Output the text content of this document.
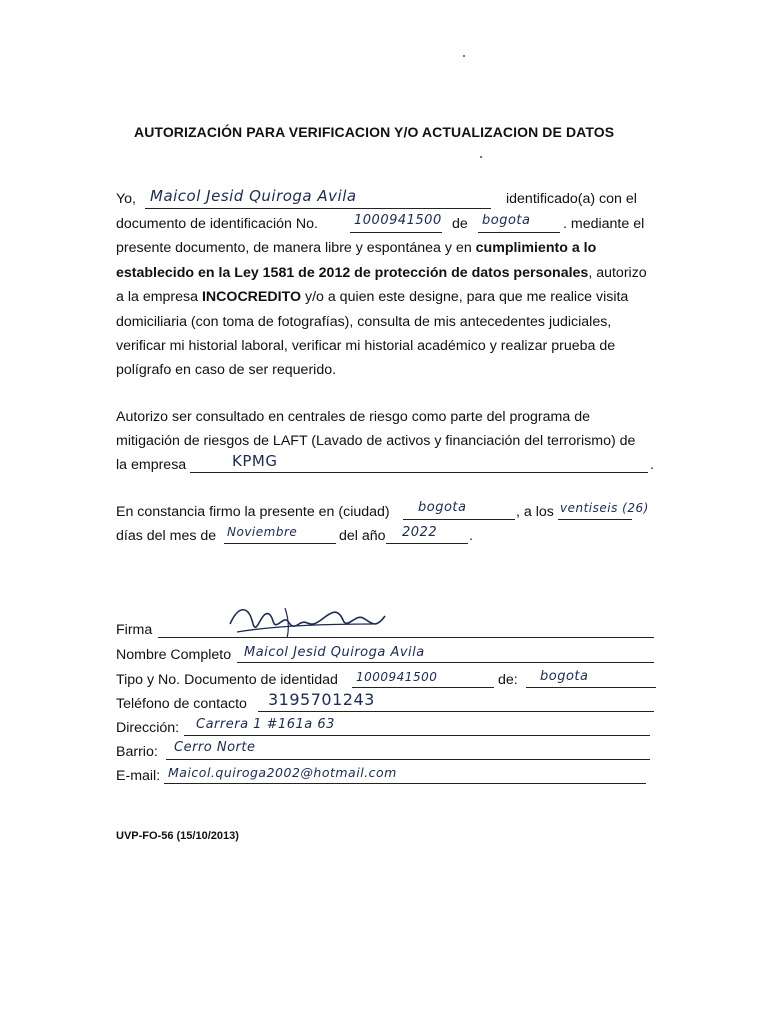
AUTORIZACIÓN PARA VERIFICACION Y/O ACTUALIZACION DE DATOS
Yo, Maicol Jesid Quiroga Avila	identificado(a) con el
documento de identificación No.	1000941500 de bogota . mediante el
presente documento, de manera libre y espontánea y en cumplimiento a lo
establecido en la Ley 1581 de 2012 de protección de datos personales, autorizo
a la empresa INCOCREDITO y/o a quien este designe, para que me realice visita
domiciliaria (con toma de fotografías), consulta de mis antecedentes judiciales,
verificar mi historial laboral, verificar mi historial académico y realizar prueba de
polígrafo en caso de ser requerido.
Autorizo ser consultado en centrales de riesgo como parte del programa de
mitigación de riesgos de LAFT (Lavado de activos y financiación del terrorismo) de
la empresa	KPMG	.
En constancia firmo la presente en (ciudad) bogota	, a los ventiseis (26)
días del mes de Noviembre	del año 2022 .
Firma
Nombre Completo Maicol Jesid Quiroga Avila
Tipo y No. Documento de identidad 1000941500	de: bogota
Teléfono de contacto 3195701243
Dirección: Carrera 1 #161a 63
Barrio: Cerro Norte
E-mail: Maicol.quiroga2002@hotmail.com
UVP-FO-56 (15/10/2013)
